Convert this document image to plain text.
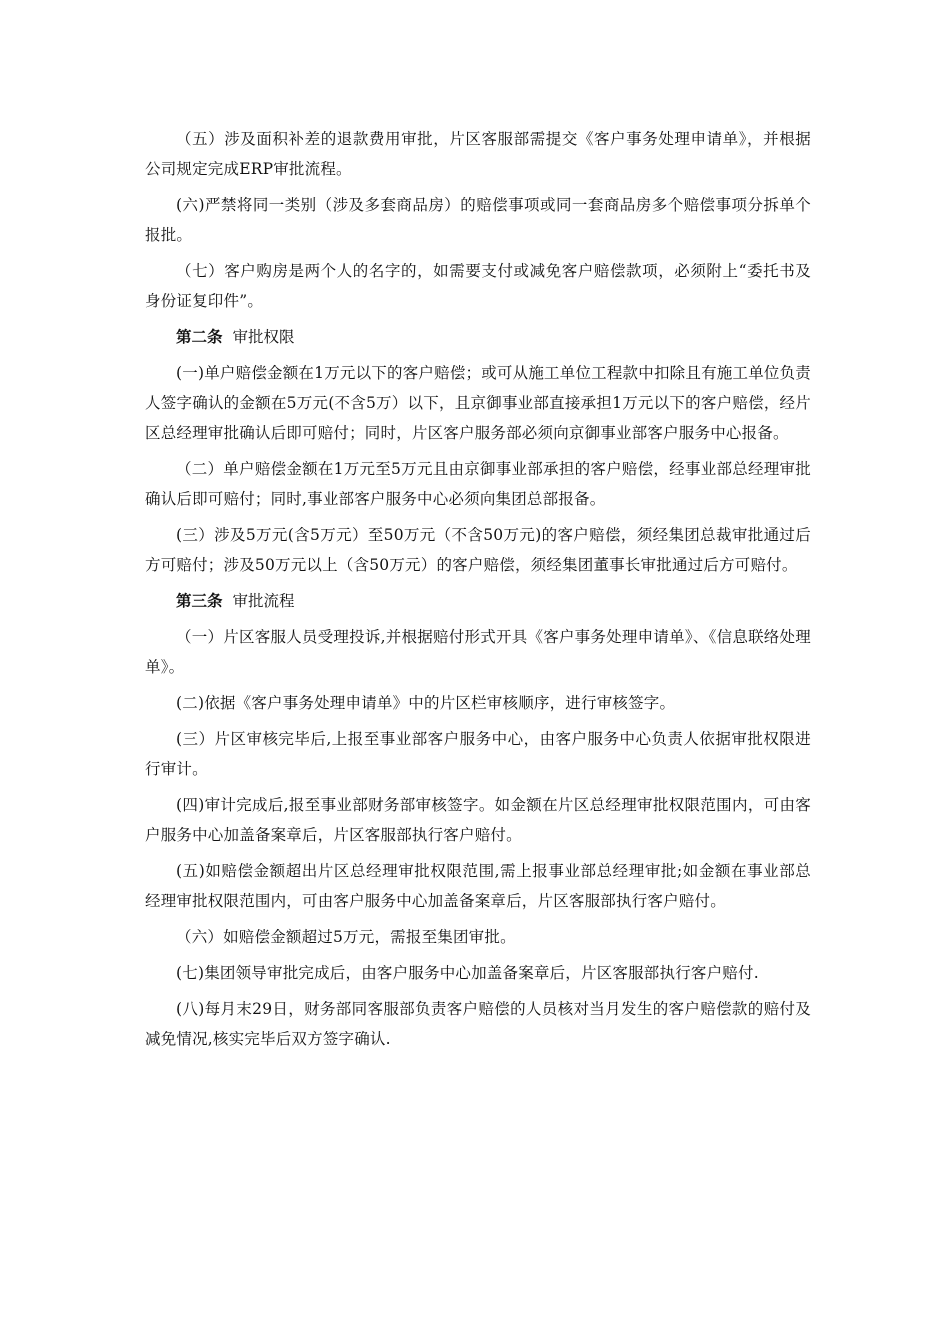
（五）涉及面积补差的退款费用审批，片区客服部需提交《客户事务处理申请单》，并根据公司规定完成ERP审批流程。

(六)严禁将同一类别（涉及多套商品房）的赔偿事项或同一套商品房多个赔偿事项分拆单个报批。

（七）客户购房是两个人的名字的，如需要支付或减免客户赔偿款项，必须附上“委托书及身份证复印件”。

第二条 审批权限

(一)单户赔偿金额在1万元以下的客户赔偿；或可从施工单位工程款中扣除且有施工单位负责人签字确认的金额在5万元(不含5万）以下，且京御事业部直接承担1万元以下的客户赔偿，经片区总经理审批确认后即可赔付；同时，片区客户服务部必须向京御事业部客户服务中心报备。

（二）单户赔偿金额在1万元至5万元且由京御事业部承担的客户赔偿，经事业部总经理审批确认后即可赔付；同时,事业部客户服务中心必须向集团总部报备。

(三）涉及5万元(含5万元）至50万元（不含50万元)的客户赔偿，须经集团总裁审批通过后方可赔付；涉及50万元以上（含50万元）的客户赔偿，须经集团董事长审批通过后方可赔付。

第三条 审批流程

（一）片区客服人员受理投诉,并根据赔付形式开具《客户事务处理申请单》、《信息联络处理单》。

(二)依据《客户事务处理申请单》中的片区栏审核顺序，进行审核签字。

(三）片区审核完毕后,上报至事业部客户服务中心，由客户服务中心负责人依据审批权限进行审计。

(四)审计完成后,报至事业部财务部审核签字。如金额在片区总经理审批权限范围内，可由客户服务中心加盖备案章后，片区客服部执行客户赔付。

(五)如赔偿金额超出片区总经理审批权限范围,需上报事业部总经理审批;如金额在事业部总经理审批权限范围内，可由客户服务中心加盖备案章后，片区客服部执行客户赔付。

（六）如赔偿金额超过5万元，需报至集团审批。

(七)集团领导审批完成后，由客户服务中心加盖备案章后，片区客服部执行客户赔付.

(八)每月末29日，财务部同客服部负责客户赔偿的人员核对当月发生的客户赔偿款的赔付及减免情况,核实完毕后双方签字确认.
